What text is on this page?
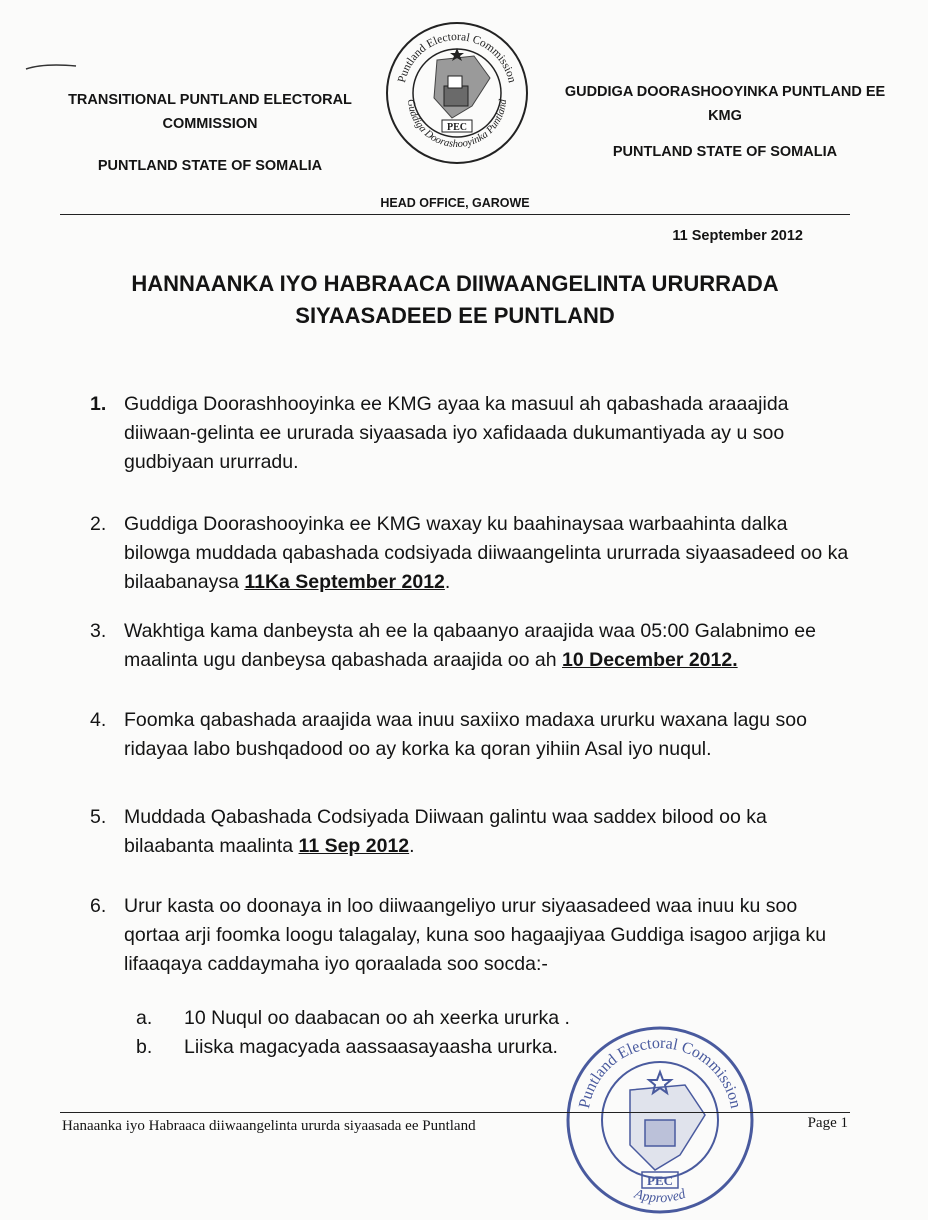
TRANSITIONAL PUNTLAND ELECTORAL
COMMISSION
PUNTLAND STATE OF SOMALIA
Puntland Electoral Commission
Guddiga Doorashooyinka Puntland
PEC
GUDDIGA DOORASHOOYINKA PUNTLAND EE
KMG
PUNTLAND STATE OF SOMALIA
HEAD OFFICE, GAROWE
11 September 2012
HANNAANKA IYO HABRAACA DIIWAANGELINTA URURRADA
SIYAASADEED EE PUNTLAND
1. Guddiga Doorashhooyinka ee KMG ayaa ka masuul ah qabashada araaajida diiwaan-gelinta ee ururada siyaasada iyo xafidaada dukumantiyada ay u soo gudbiyaan ururradu.
2. Guddiga Doorashooyinka ee KMG waxay ku baahinaysaa warbaahinta dalka bilowga muddada qabashada codsiyada diiwaangelinta ururrada siyaasadeed oo ka bilaabanaysa 11Ka September 2012.
3. Wakhtiga kama danbeysta ah ee la qabaanyo araajida waa 05:00 Galabnimo ee maalinta ugu danbeysa qabashada araajida oo ah 10 December 2012.
4. Foomka qabashada araajida waa inuu saxiixo madaxa ururku waxana lagu soo ridayaa labo bushqadood oo ay korka ka qoran yihiin Asal iyo nuqul.
5. Muddada Qabashada Codsiyada Diiwaan galintu waa saddex bilood oo ka bilaabanta maalinta 11 Sep 2012.
6. Urur kasta oo doonaya in loo diiwaangeliyo urur siyaasadeed waa inuu ku soo qortaa arji foomka loogu talagalay, kuna soo hagaajiyaa Guddiga isagoo arjiga ku lifaaqaya caddaymaha iyo qoraalada soo socda:-
a. 10 Nuqul oo daabacan oo ah xeerka ururka .
b. Liiska magacyada aassaasayaasha ururka.
Puntland Electoral Commission
PEC
Approved
Hanaanka iyo Habraaca diiwaangelinta ururda siyaasada ee Puntland	Page 1
